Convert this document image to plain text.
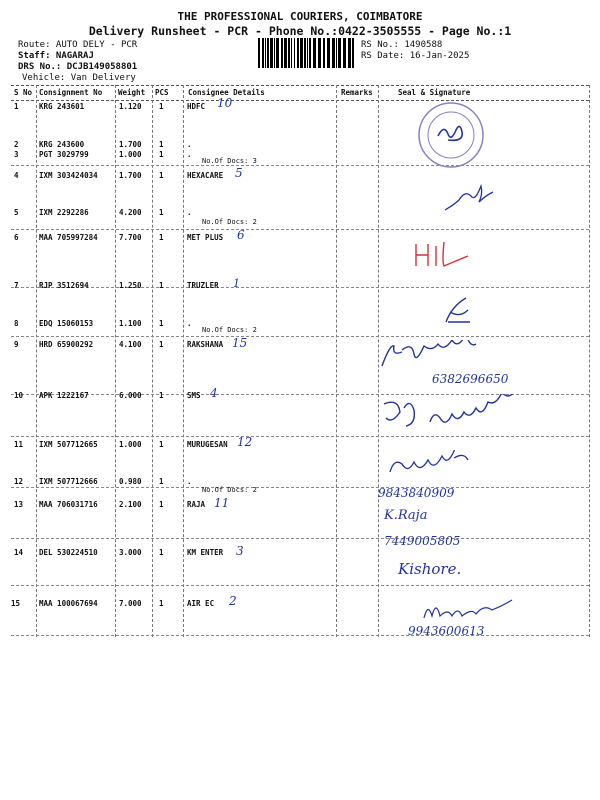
THE PROFESSIONAL COURIERS, COIMBATORE
Delivery Runsheet - PCR - Phone No.:0422-3505555 - Page No.:1
Route: AUTO DELY - PCR
Staff: NAGARAJ
DRS No.: DCJB149058801
Vehicle: Van Delivery
RS No.: 1490588
RS Date: 16-Jan-2025
S No Consignment No Weight PCS	Consignee Details	Remarks	Seal & Signature
1	KRG 243601	1.120 1	HDFC 10
2	KRG 243600	1.700 1	.
3	PGT 3029799	1.000 1	.
No.Of Docs: 3
4	IXM 303424034	1.700 1	HEXACARE 5
5	IXM 2292286	4.200 1	.
No.Of Docs: 2
6	MAA 705997284	7.700 1	MET PLUS 6
7	RJP 3512694	1.250 1	TRUZLER 1
8	EDQ 15060153	1.100 1	.
No.Of Docs: 2
9	HRD 65900292	4.100 1	RAKSHANA 15
10 APK 1222167	6.000 1	SMS 4
11 IXM 507712665	1.000 1	MURUGESAN 12
12 IXM 507712666	0.980 1	.
No.Of Docs: 2
13 MAA 706031716	2.100 1	RAJA 11
14 DEL 530224510	3.000 1	KM ENTER 3
15	MAA 100067694	7.000 1	AIR EC 2
6382696650
9843840909
K.Raja
7449005805
Kishore.
9943600613
